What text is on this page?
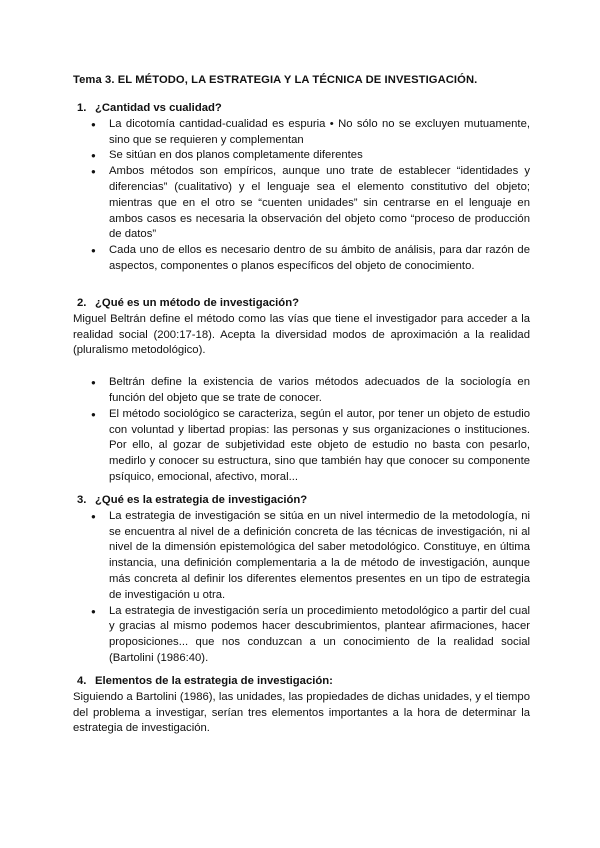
Tema 3. EL MÉTODO, LA ESTRATEGIA Y LA TÉCNICA DE INVESTIGACIÓN.
1. ¿Cantidad vs cualidad?
● La dicotomía cantidad-cualidad es espuria • No sólo no se excluyen mutuamente, sino que se requieren y complementan
● Se sitúan en dos planos completamente diferentes
● Ambos métodos son empíricos, aunque uno trate de establecer “identidades y diferencias” (cualitativo) y el lenguaje sea el elemento constitutivo del objeto; mientras que en el otro se “cuenten unidades” sin centrarse en el lenguaje en ambos casos es necesaria la observación del objeto como “proceso de producción de datos”
● Cada uno de ellos es necesario dentro de su ámbito de análisis, para dar razón de aspectos, componentes o planos específicos del objeto de conocimiento.
2. ¿Qué es un método de investigación?

Miguel Beltrán define el método como las vías que tiene el investigador para acceder a la realidad social (200:17-18). Acepta la diversidad modos de aproximación a la realidad (pluralismo metodológico).

● Beltrán define la existencia de varios métodos adecuados de la sociología en función del objeto que se trate de conocer.
● El método sociológico se caracteriza, según el autor, por tener un objeto de estudio con voluntad y libertad propias: las personas y sus organizaciones o instituciones. Por ello, al gozar de subjetividad este objeto de estudio no basta con pesarlo, medirlo y conocer su estructura, sino que también hay que conocer su componente psíquico, emocional, afectivo, moral...
3. ¿Qué es la estrategia de investigación?
● La estrategia de investigación se sitúa en un nivel intermedio de la metodología, ni se encuentra al nivel de a definición concreta de las técnicas de investigación, ni al nivel de la dimensión epistemológica del saber metodológico. Constituye, en última instancia, una definición complementaria a la de método de investigación, aunque más concreta al definir los diferentes elementos presentes en un tipo de estrategia de investigación u otra.
● La estrategia de investigación sería un procedimiento metodológico a partir del cual y gracias al mismo podemos hacer descubrimientos, plantear afirmaciones, hacer proposiciones... que nos conduzcan a un conocimiento de la realidad social (Bartolini (1986:40).
4. Elementos de la estrategia de investigación:

Siguiendo a Bartolini (1986), las unidades, las propiedades de dichas unidades, y el tiempo del problema a investigar, serían tres elementos importantes a la hora de determinar la estrategia de investigación.
